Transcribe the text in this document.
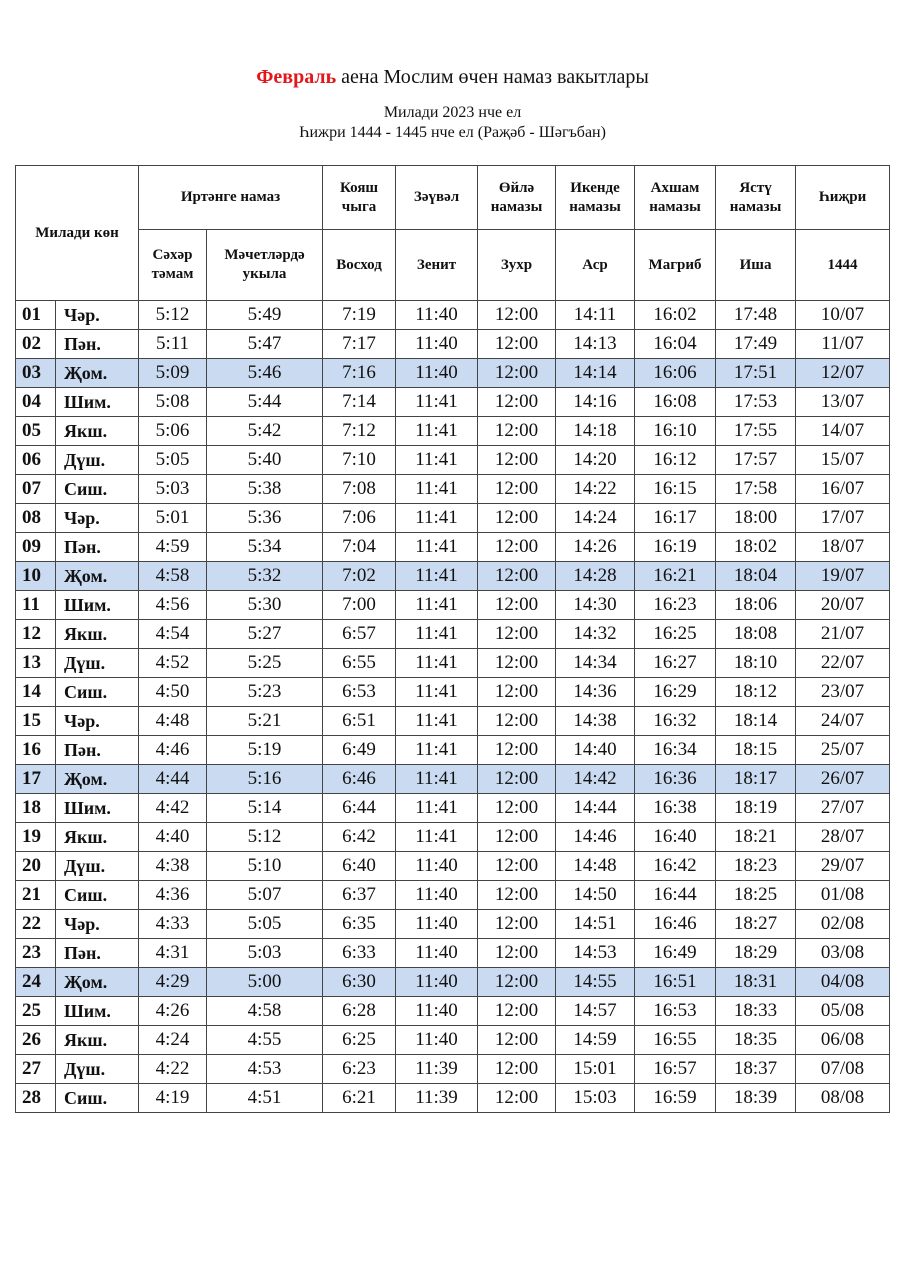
Февраль аена Мослим өчен намаз вакытлары
Милади 2023 нче ел
Һижри 1444 - 1445 нче ел (Раҗәб - Шәгъбан)
Милади көн		Иртәнге намаз		Кояш чыга	Зәүвәл	Өйлә намазы	Икенде намазы	Ахшам намазы	Ястү намазы	Һиҗри
		Сәхәр тәмам	Мәчетләрдә укыла	Восход	Зенит	Зухр	Аср	Магриб	Иша	1444
01	Чәр.	5:12	5:49	7:19	11:40	12:00	14:11	16:02	17:48	10/07
02	Пән.	5:11	5:47	7:17	11:40	12:00	14:13	16:04	17:49	11/07
03	Җом.	5:09	5:46	7:16	11:40	12:00	14:14	16:06	17:51	12/07
04	Шим.	5:08	5:44	7:14	11:41	12:00	14:16	16:08	17:53	13/07
05	Якш.	5:06	5:42	7:12	11:41	12:00	14:18	16:10	17:55	14/07
06	Дүш.	5:05	5:40	7:10	11:41	12:00	14:20	16:12	17:57	15/07
07	Сиш.	5:03	5:38	7:08	11:41	12:00	14:22	16:15	17:58	16/07
08	Чәр.	5:01	5:36	7:06	11:41	12:00	14:24	16:17	18:00	17/07
09	Пән.	4:59	5:34	7:04	11:41	12:00	14:26	16:19	18:02	18/07
10	Җом.	4:58	5:32	7:02	11:41	12:00	14:28	16:21	18:04	19/07
11	Шим.	4:56	5:30	7:00	11:41	12:00	14:30	16:23	18:06	20/07
12	Якш.	4:54	5:27	6:57	11:41	12:00	14:32	16:25	18:08	21/07
13	Дүш.	4:52	5:25	6:55	11:41	12:00	14:34	16:27	18:10	22/07
14	Сиш.	4:50	5:23	6:53	11:41	12:00	14:36	16:29	18:12	23/07
15	Чәр.	4:48	5:21	6:51	11:41	12:00	14:38	16:32	18:14	24/07
16	Пән.	4:46	5:19	6:49	11:41	12:00	14:40	16:34	18:15	25/07
17	Җом.	4:44	5:16	6:46	11:41	12:00	14:42	16:36	18:17	26/07
18	Шим.	4:42	5:14	6:44	11:41	12:00	14:44	16:38	18:19	27/07
19	Якш.	4:40	5:12	6:42	11:41	12:00	14:46	16:40	18:21	28/07
20	Дүш.	4:38	5:10	6:40	11:40	12:00	14:48	16:42	18:23	29/07
21	Сиш.	4:36	5:07	6:37	11:40	12:00	14:50	16:44	18:25	01/08
22	Чәр.	4:33	5:05	6:35	11:40	12:00	14:51	16:46	18:27	02/08
23	Пән.	4:31	5:03	6:33	11:40	12:00	14:53	16:49	18:29	03/08
24	Җом.	4:29	5:00	6:30	11:40	12:00	14:55	16:51	18:31	04/08
25	Шим.	4:26	4:58	6:28	11:40	12:00	14:57	16:53	18:33	05/08
26	Якш.	4:24	4:55	6:25	11:40	12:00	14:59	16:55	18:35	06/08
27	Дүш.	4:22	4:53	6:23	11:39	12:00	15:01	16:57	18:37	07/08
28	Сиш.	4:19	4:51	6:21	11:39	12:00	15:03	16:59	18:39	08/08
